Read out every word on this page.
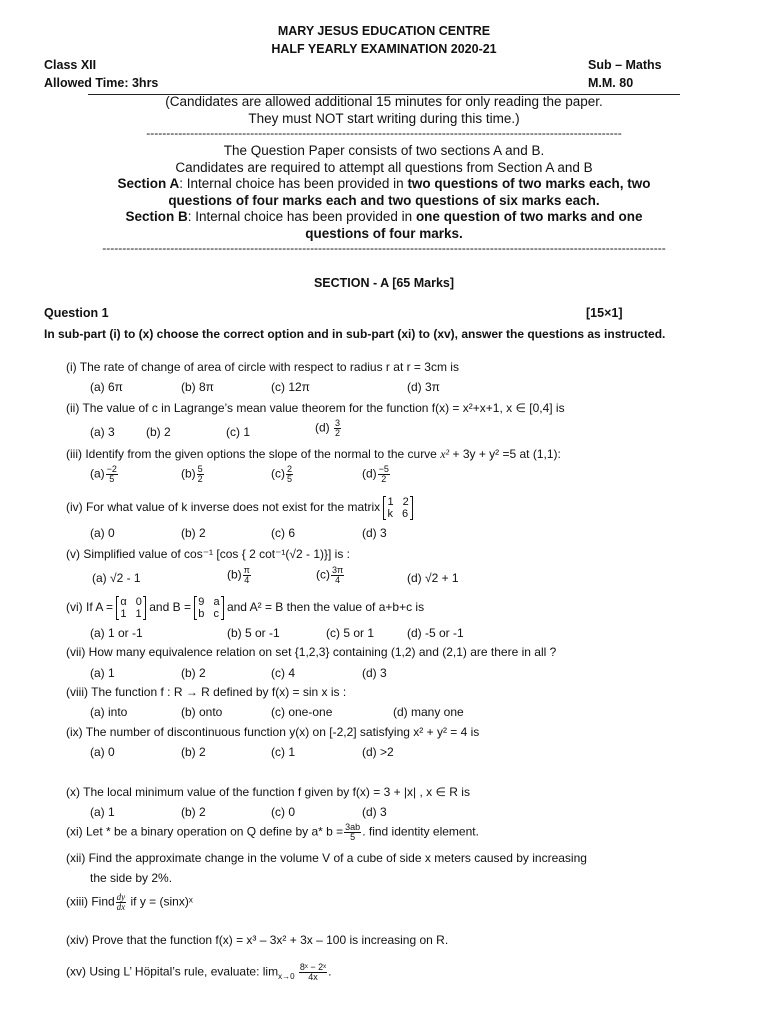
MARY JESUS EDUCATION CENTRE
HALF YEARLY EXAMINATION 2020-21
Class XII	Sub – Maths
Allowed Time: 3hrs	M.M. 80
(Candidates are allowed additional 15 minutes for only reading the paper.
They must NOT start writing during this time.)
-----------------------------------------------------------------------------------------------------------------------
The Question Paper consists of two sections A and B.
Candidates are required to attempt all questions from Section A and B
Section A: Internal choice has been provided in two questions of two marks each, two
questions of four marks each and two questions of six marks each.
Section B: Internal choice has been provided in one question of two marks and one
questions of four marks.
---------------------------------------------------------------------------------------------------------------------------------------------
SECTION - A [65 Marks]
Question 1	[15×1]
In sub-part (i) to (x) choose the correct option and in sub-part (xi) to (xv), answer the questions as instructed.
(i) The rate of change of area of circle with respect to radius r at r = 3cm is
(a) 6π	(b) 8π	(c) 12π	(d) 3π
(ii) The value of c in Lagrange’s mean value theorem for the function f(x) = x²+x+1, x ∈ [0,4] is
(a) 3	(b) 2	(c) 1	$(d) \frac{3}{2}$
(iii) Identify from the given options the slope of the normal to the curve x² + 3y + y² =5 at (1,1):
$(a) \frac{-2}{5}$	$(b) \frac{5}{2}$	$(c) \frac{2}{5}$	$(d) \frac{-5}{2}$
(iv) For what value of k inverse does not exist for the matrix 1 2
k 6
(a) 0	(b) 2	(c) 6	(d) 3
(v) Simplified value of cos⁻¹ [cos { 2 cot⁻¹(√2 - 1)}] is :
(a) √2 - 1	$(b) \frac{\pi}{4}$	$(c) \frac{3\pi}{4}$	(d) √2 + 1
(vi) If A = α 0
1 1 and B = 9 a
b c and A² = B then the value of a+b+c is
(a) 1 or -1	(b) 5 or -1	(c) 5 or 1	(d) -5 or -1
(vii) How many equivalence relation on set {1,2,3} containing (1,2) and (2,1) are there in all ?
(a) 1	(b) 2	(c) 4	(d) 3
(viii) The function f : R → R defined by f(x) = sin x is :
(a) into	(b) onto	(c) one-one	(d) many one
(ix) The number of discontinuous function y(x) on [-2,2] satisfying x² + y² = 4 is
(a) 0	(b) 2	(c) 1	(d) >2
(x) The local minimum value of the function f given by f(x) = 3 + |x| , x ∈ R is
(a) 1	(b) 2	(c) 0	(d) 3
(xi) Let * be a binary operation on Q define by a* $b = \frac{3ab}{5}$ . find identity element.
(xii) Find the approximate change in the volume V of a cube of side x meters caused by increasing
the side by 2%.
(xiii) Find $\frac{dy}{dx}$ if y = (sinx)ˣ
(xiv) Prove that the function f(x) = x³ – 3x² + 3x – 100 is increasing on R.
(xv) Using L’ Höpital’s rule, evaluate: $\lim_{x\to 0} \frac{\text{8ˣ − 2ˣ}}{4x}$ .
